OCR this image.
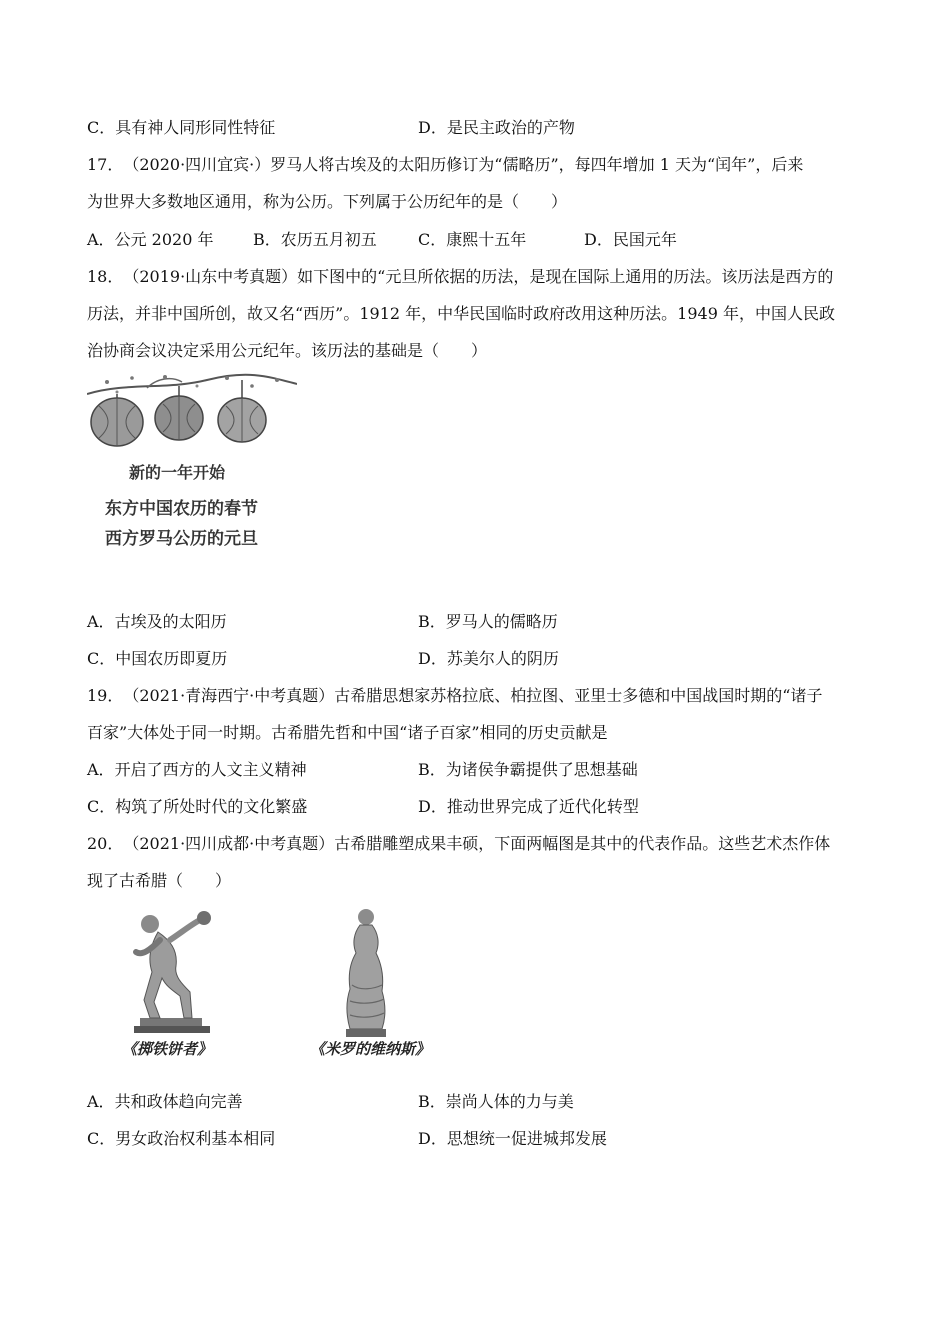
C．具有神人同形同性特征	D．是民主政治的产物
17． （2020·四川宜宾·）罗马人将古埃及的太阳历修订为“儒略历”，每四年增加 1 天为“闰年”，后来
为世界大多数地区通用，称为公历。下列属于公历纪年的是（　　）
A．公元 2020 年 B．农历五月初五	C．康熙十五年	D．民国元年
18． （2019·山东中考真题）如下图中的“元旦所依据的历法，是现在国际上通用的历法。该历法是西方的
历法，并非中国所创，故又名“西历”。1912 年，中华民国临时政府改用这种历法。1949 年，中国人民政
治协商会议决定采用公元纪年。该历法的基础是（　　）
新的一年开始
东方中国农历的春节
西方罗马公历的元旦
A．古埃及的太阳历	B．罗马人的儒略历
C．中国农历即夏历	D．苏美尔人的阴历
19． （2021·青海西宁·中考真题）古希腊思想家苏格拉底、柏拉图、亚里士多德和中国战国时期的“诸子
百家”大体处于同一时期。古希腊先哲和中国“诸子百家”相同的历史贡献是
A．开启了西方的人文主义精神	B．为诸侯争霸提供了思想基础
C．构筑了所处时代的文化繁盛	D．推动世界完成了近代化转型
20． （2021·四川成都·中考真题）古希腊雕塑成果丰硕，下面两幅图是其中的代表作品。这些艺术杰作体
现了古希腊（　　）
《掷铁饼者》	《米罗的维纳斯》
A．共和政体趋向完善	B．崇尚人体的力与美
C．男女政治权利基本相同	D．思想统一促进城邦发展
